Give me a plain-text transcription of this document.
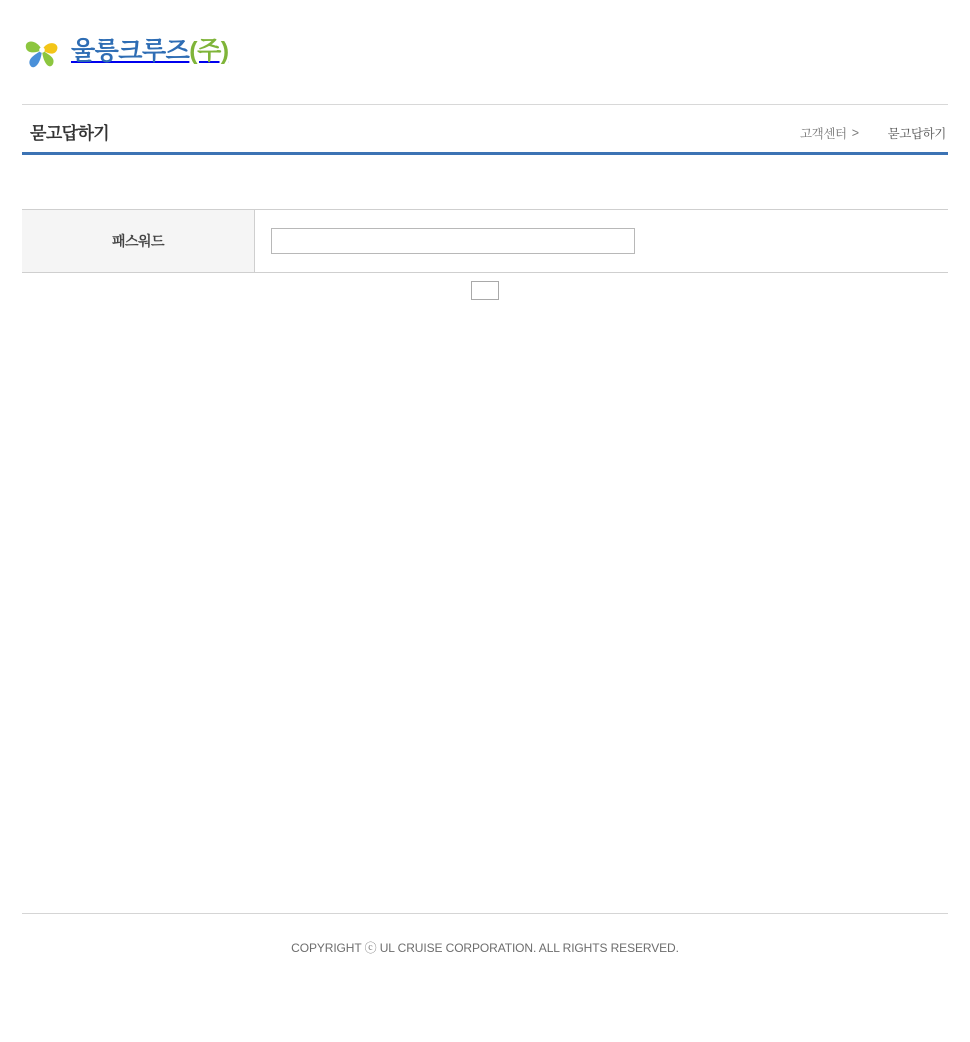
울릉크루즈(주)
묻고답하기	고객센터 > 묻고답하기
패스워드	
COPYRIGHT ⓒ UL CRUISE CORPORATION. ALL RIGHTS RESERVED.
